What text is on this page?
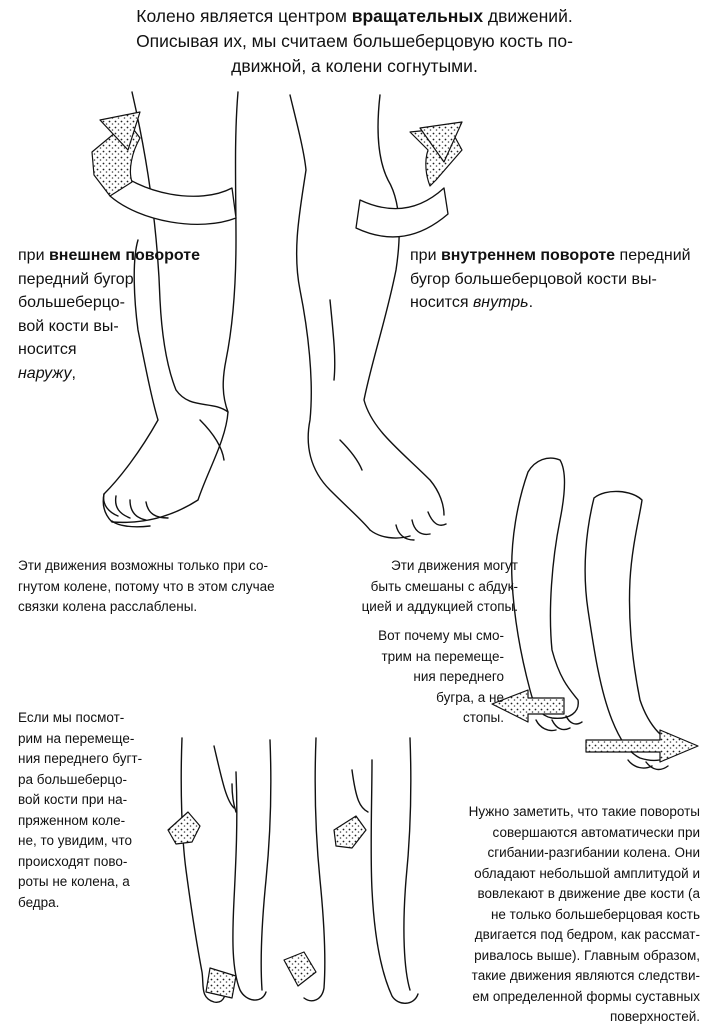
Колено является центром вращательных движений.
Описывая их, мы считаем большеберцовую кость по-
движной, а колени согнутыми.
при внешнем повороте
передний бугор
большеберцо-
вой кости вы-
носится
наружу,
при внутреннем повороте передний
бугор большеберцовой кости вы-
носится внутрь.
Эти движения возможны только при со-
гнутом колене, потому что в этом случае
связки колена расслаблены.
Эти движения могут
быть смешаны с абдук-
цией и аддукцией стопы.
Вот почему мы смо-
трим на перемеще-
ния переднего
бугра, а не
стопы.
Если мы посмот-
рим на перемеще-
ния переднего бугт-
ра большеберцо-
вой кости при на-
пряженном коле-
не, то увидим, что
происходят пово-
роты не колена, а
бедра.
Нужно заметить, что такие повороты
совершаются автоматически при
сгибании-разгибании колена. Они
обладают небольшой амплитудой и
вовлекают в движение две кости (а
не только большеберцовая кость
двигается под бедром, как рассмат-
ривалось выше). Главным образом,
такие движения являются следстви-
ем определенной формы суставных
поверхностей.
